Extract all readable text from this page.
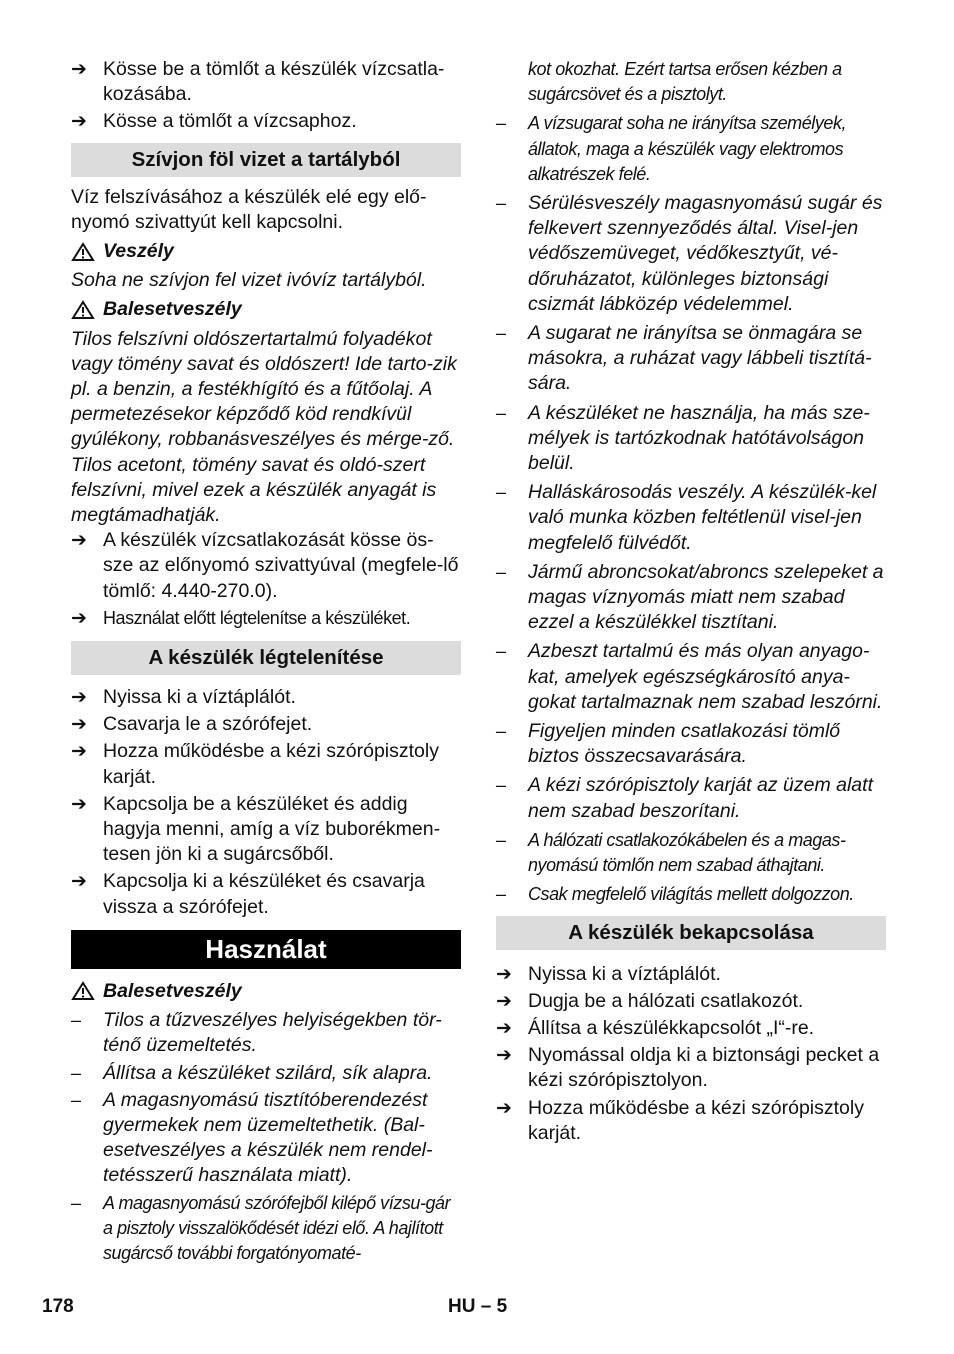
➔ Kösse be a tömlőt a készülék vízcsatla-kozásába.
➔ Kösse a tömlőt a vízcsaphoz.
Szívjon föl vizet a tartályból
Víz felszívásához a készülék elé egy elő-nyomó szivattyút kell kapcsolni.
Veszély
Soha ne szívjon fel vizet ivóvíz tartályból.
Balesetveszély
Tilos felszívni oldószertartalmú folyadékot vagy tömény savat és oldószert! Ide tarto-zik pl. a benzin, a festékhígító és a fűtőolaj. A permetezésekor képződő köd rendkívül gyúlékony, robbanásveszélyes és mérge-ző. Tilos acetont, tömény savat és oldó-szert felszívni, mivel ezek a készülék anyagát is megtámadhatják.
➔ A készülék vízcsatlakozását kösse ös-sze az előnyomó szivattyúval (megfele-lő tömlő: 4.440-270.0).
➔ Használat előtt légtelenítse a készüléket.
A készülék légtelenítése
➔ Nyissa ki a víztáplálót.
➔ Csavarja le a szórófejet.
➔ Hozza működésbe a kézi szórópisztoly karját.
➔ Kapcsolja be a készüléket és addig hagyja menni, amíg a víz buborékmen-tesen jön ki a sugárcsőből.
➔ Kapcsolja ki a készüléket és csavarja vissza a szórófejet.
Használat
Balesetveszély
–	Tilos a tűzveszélyes helyiségekben tör-ténő üzemeltetés.
–	Állítsa a készüléket szilárd, sík alapra.
–	A magasnyomású tisztítóberendezést gyermekek nem üzemeltethetik. (Bal-esetveszélyes a készülék nem rendel-tetésszerű használata miatt).
–	A magasnyomású szórófejből kilépő vízsu-gár a pisztoly visszalökődését idézi elő. A hajlított sugárcső további forgatónyomaté-
kot okozhat. Ezért tartsa erősen kézben a sugárcsövet és a pisztolyt.
–	A vízsugarat soha ne irányítsa személyek, állatok, maga a készülék vagy elektromos alkatrészek felé.
–	Sérülésveszély magasnyomású sugár és felkevert szennyeződés által. Visel-jen védőszemüveget, védőkesztyűt, vé-dőruházatot, különleges biztonsági csizmát lábközép védelemmel.
–	A sugarat ne irányítsa se önmagára se másokra, a ruházat vagy lábbeli tisztítá-sára.
–	A készüléket ne használja, ha más sze-mélyek is tartózkodnak hatótávolságon belül.
–	Halláskárosodás veszély. A készülék-kel való munka közben feltétlenül visel-jen megfelelő fülvédőt.
–	Jármű abroncsokat/abroncs szelepeket a magas víznyomás miatt nem szabad ezzel a készülékkel tisztítani.
–	Azbeszt tartalmú és más olyan anyago-kat, amelyek egészségkárosító anya-gokat tartalmaznak nem szabad leszórni.
–	Figyeljen minden csatlakozási tömlő biztos összecsavarására.
–	A kézi szórópisztoly karját az üzem alatt nem szabad beszorítani.
–	A hálózati csatlakozókábelen és a magas-nyomású tömlőn nem szabad áthajtani.
–	Csak megfelelő világítás mellett dolgozzon.
A készülék bekapcsolása
➔ Nyissa ki a víztáplálót.
➔ Dugja be a hálózati csatlakozót.
➔ Állítsa a készülékkapcsolót „I“-re.
➔ Nyomással oldja ki a biztonsági pecket a kézi szórópisztolyon.
➔ Hozza működésbe a kézi szórópisztoly karját.
178	HU – 5
